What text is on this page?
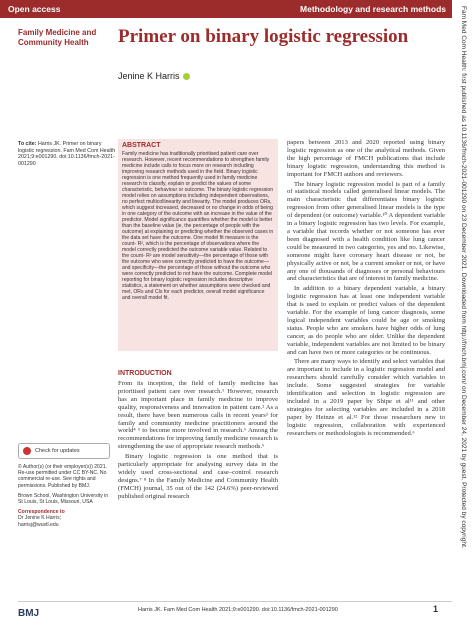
Open access	Methodology and research methods
Family Medicine and Community Health	Primer on binary logistic regression
Jenine K Harris
To cite: Harris JK. Primer on binary logistic regression. Fam Med Com Health 2021;9:e001290. doi:10.1136/fmch-2021-001290
ABSTRACT
Family medicine has traditionally prioritised patient care over research. However, recent recommendations to strengthen family medicine include calls to focus more on research including improving research methods used in the field. Binary logistic regression is one method frequently used in family medicine research to classify, explain or predict the values of some characteristic, behaviour or outcome. The binary logistic regression model relies on assumptions including independent observations, no perfect multicollinearity and linearity. The model produces ORs, which suggest increased, decreased or no change in odds of being in one category of the outcome with an increase in the value of the predictor. Model significance quantifies whether the model is better than the baseline value (ie, the percentage of people with the outcome) at explaining or predicting whether the observed cases in the data set have the outcome. One model fit measure is the count- R², which is the percentage of observations where the model correctly predicted the outcome variable value. Related to the count- R² are model sensitivity—the percentage of those with the outcome who were correctly predicted to have the outcome—and specificity—the percentage of those without the outcome who were correctly predicted to not have the outcome. Complete model reporting for binary logistic regression includes descriptive statistics, a statement on whether assumptions were checked and met, ORs and CIs for each predictor, overall model significance and overall model fit.
INTRODUCTION

From its inception, the field of family medicine has prioritised patient care over research.¹ However, research has an important place in family medicine to improve quality, responsiveness and innovation in patient care.² As a result, there have been numerous calls in recent years³ for family and community medicine practitioners around the world⁴ ⁵ to become more involved in research.⁶ Among the recommendations for improving family medicine research is strengthening the use of appropriate research methods.⁶

Binary logistic regression is one method that is particularly appropriate for analysing survey data in the widely used cross-sectional and case–control research designs.⁷ ⁸ In the Family Medicine and Community Health (FMCH) journal, 35 out of the 142 (24.6%) peer-reviewed published original research

papers between 2013 and 2020 reported using binary logistic regression as one of the analytical methods. Given the high percentage of FMCH publications that include binary logistic regression, understanding this method is important for FMCH authors and reviewers.

The binary logistic regression model is part of a family of statistical models called generalised linear models. The main characteristic that differentiates binary logistic regression from other generalised linear models is the type of dependent (or outcome) variable.¹⁰ A dependent variable in a binary logistic regression has two levels. For example, a variable that records whether or not someone has ever been diagnosed with a health condition like lung cancer could be measured in two categories, yes and no. Likewise, someone might have coronary heart disease or not, be physically active or not, be a current smoker or not, or have any one of thousands of diagnoses or personal behaviours and characteristics that are of interest in family medicine.

In addition to a binary dependent variable, a binary logistic regression has at least one independent variable that is used to explain or predict values of the dependent variable. For the example of lung cancer diagnosis, some logical independent variables could be age or smoking status. People who are smokers have higher odds of lung cancer, as do people who are older. Unlike the dependent variable, independent variables are not limited to be binary and can have two or more categories or be continuous.

There are many ways to identify and select variables that are important to include in a logistic regression model and researchers should carefully consider which variables to include. Some suggested strategies for variable identification and selection in logistic regression are included in a 2019 paper by Shipe et al¹¹ and other strategies for selecting variables are included in a 2018 paper by Heinze et al.¹² For those researchers new to logistic regression, collaboration with experienced researchers or methodologists is recommended.⁶

Check for updates

© Author(s) (or their employer(s)) 2021. Re-use permitted under CC BY-NC. No commercial re-use. See rights and permissions. Published by BMJ.

Brown School, Washington University in St Louis, St Louis, Missouri, USA

Correspondence to

Dr Jenine K Harris;

harrisj@wustl.edu

BMJ	Harris JK. Fam Med Com Health 2021;9:e001290. doi:10.1136/fmch-2021-001290	1
Fam Med Com Health: first published as 10.1136/fmch-2021-001290 on 23 December 2021. Downloaded from http://fmch.bmj.com/ on December 24, 2021 by guest. Protected by copyright.
